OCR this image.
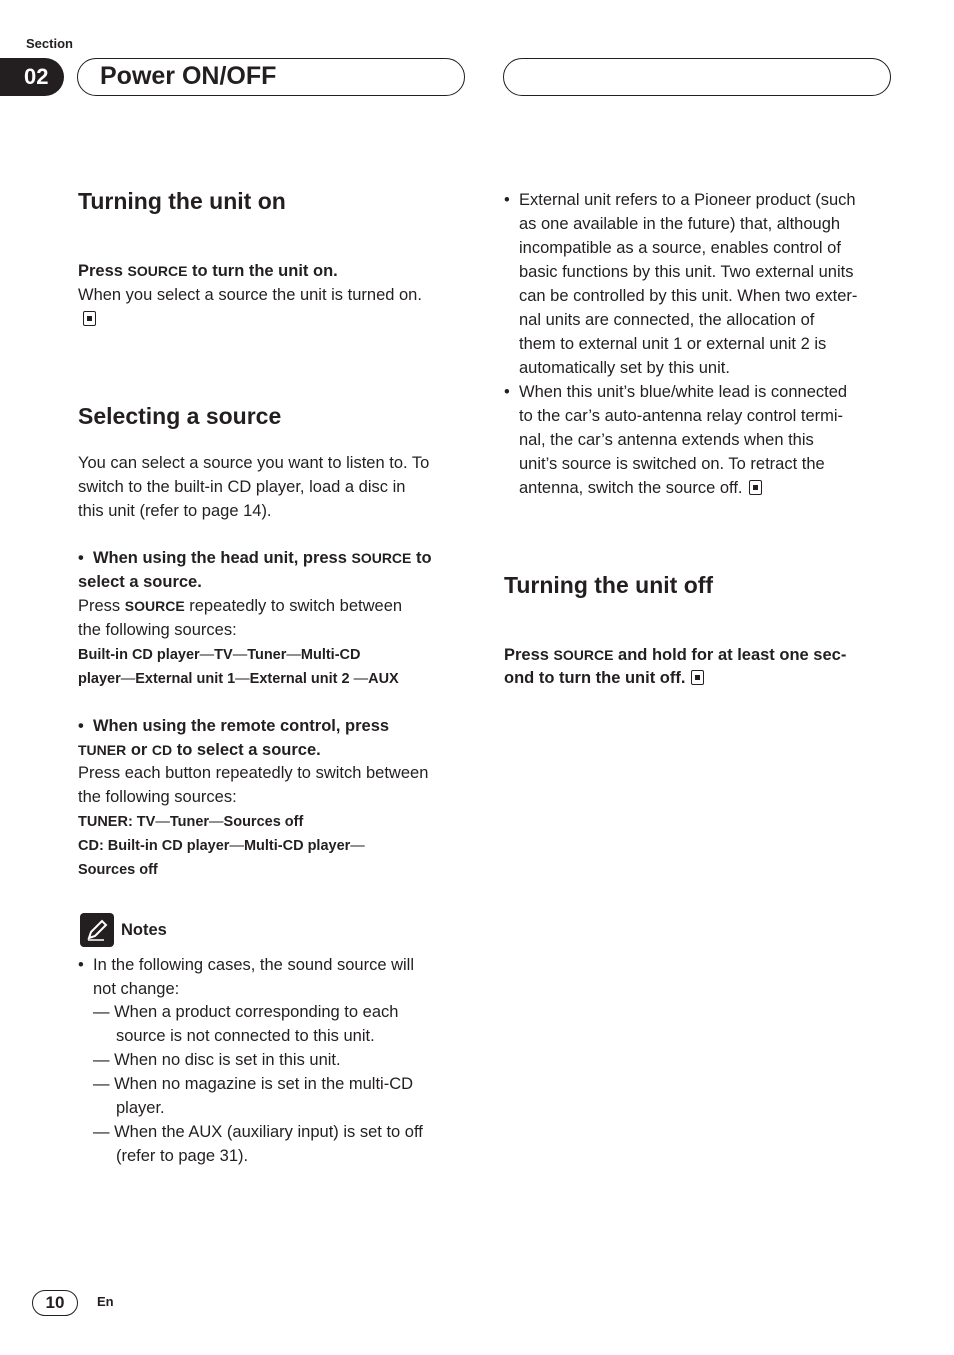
Section
02	Power ON/OFF
Turning the unit on
Press SOURCE to turn the unit on.
When you select a source the unit is turned on.
Selecting a source
You can select a source you want to listen to. To
switch to the built-in CD player, load a disc in
this unit (refer to page 14).
• When using the head unit, press SOURCE to
select a source.
Press SOURCE repeatedly to switch between
the following sources:
Built-in CD player—TV—Tuner—Multi-CD
player—External unit 1—External unit 2 —AUX
• When using the remote control, press
TUNER or CD to select a source.
Press each button repeatedly to switch between
the following sources:
TUNER: TV—Tuner—Sources off
CD: Built-in CD player—Multi-CD player—
Sources off
Notes
• In the following cases, the sound source will
not change:
— When a product corresponding to each
source is not connected to this unit.
— When no disc is set in this unit.
— When no magazine is set in the multi-CD
player.
— When the AUX (auxiliary input) is set to off
(refer to page 31).
• External unit refers to a Pioneer product (such
as one available in the future) that, although
incompatible as a source, enables control of
basic functions by this unit. Two external units
can be controlled by this unit. When two exter-
nal units are connected, the allocation of
them to external unit 1 or external unit 2 is
automatically set by this unit.
• When this unit’s blue/white lead is connected
to the car’s auto-antenna relay control termi-
nal, the car’s antenna extends when this
unit’s source is switched on. To retract the
antenna, switch the source off.
Turning the unit off
Press SOURCE and hold for at least one sec-
ond to turn the unit off.
10	En
